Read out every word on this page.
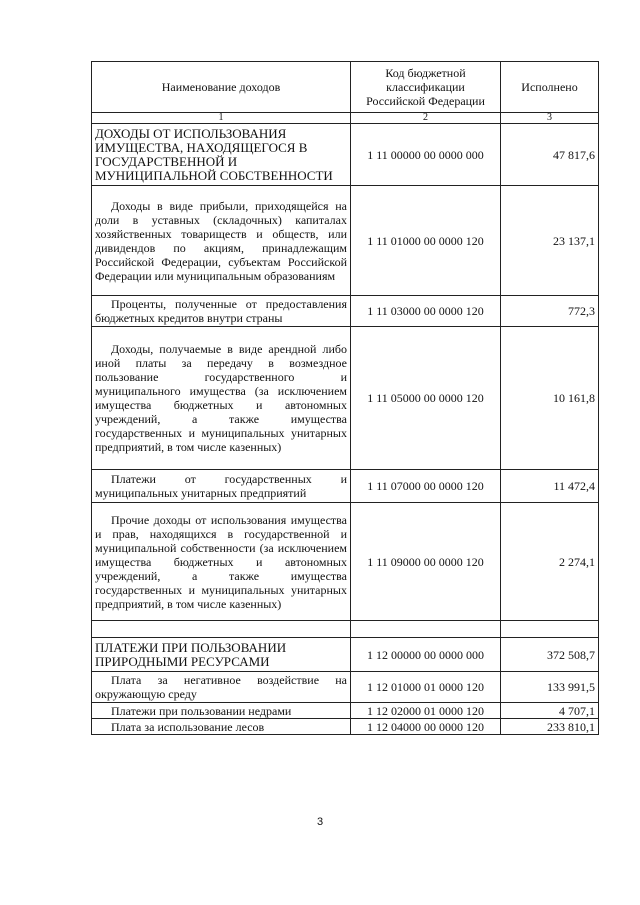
Наименование доходов	Код бюджетной классификации Российской Федерации	Исполнено
1	2	3
ДОХОДЫ ОТ ИСПОЛЬЗОВАНИЯ ИМУЩЕСТВА, НАХОДЯЩЕГОСЯ В ГОСУДАРСТВЕННОЙ И МУНИЦИПАЛЬНОЙ СОБСТВЕННОСТИ	1 11 00000 00 0000 000	47 817,6
Доходы в виде прибыли, приходящейся на доли в уставных (складочных) капиталах хозяйственных товариществ и обществ, или дивидендов по акциям, принадлежащим Российской Федерации, субъектам Российской Федерации или муниципальным образованиям	1 11 01000 00 0000 120	23 137,1
Проценты, полученные от предоставления бюджетных кредитов внутри страны	1 11 03000 00 0000 120	772,3
Доходы, получаемые в виде арендной либо иной платы за передачу в возмездное пользование государственного и муниципального имущества (за исключением имущества бюджетных и автономных учреждений, а также имущества государственных и муниципальных унитарных предприятий, в том числе казенных)	1 11 05000 00 0000 120	10 161,8
Платежи от государственных и муниципальных унитарных предприятий	1 11 07000 00 0000 120	11 472,4
Прочие доходы от использования имущества и прав, находящихся в государственной и муниципальной собственности (за исключением имущества бюджетных и автономных учреждений, а также имущества государственных и муниципальных унитарных предприятий, в том числе казенных)	1 11 09000 00 0000 120	2 274,1

ПЛАТЕЖИ ПРИ ПОЛЬЗОВАНИИ ПРИРОДНЫМИ РЕСУРСАМИ	1 12 00000 00 0000 000	372 508,7
Плата за негативное воздействие на окружающую среду	1 12 01000 01 0000 120	133 991,5
Платежи при пользовании недрами	1 12 02000 01 0000 120	4 707,1
Плата за использование лесов	1 12 04000 00 0000 120	233 810,1
3
